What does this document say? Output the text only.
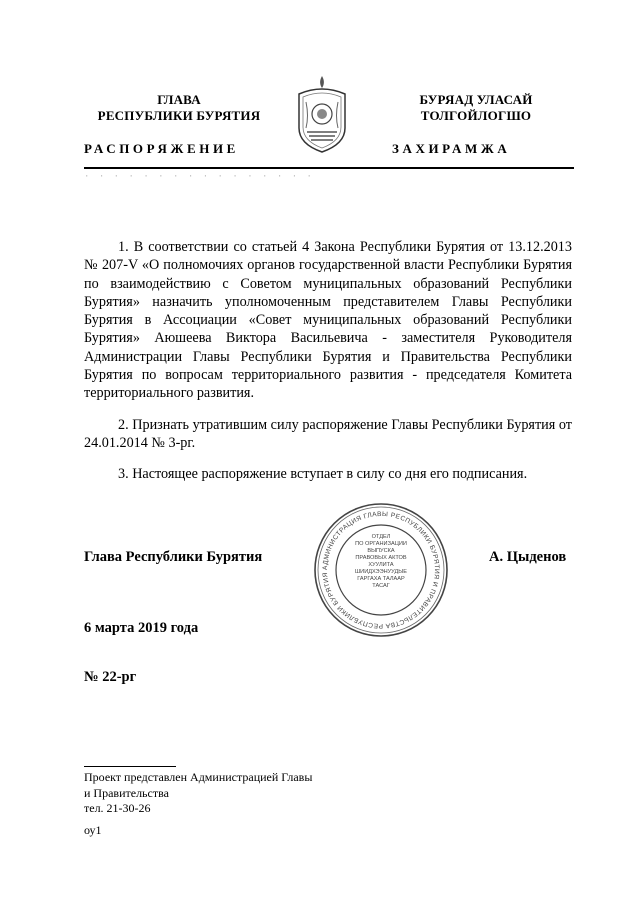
ГЛАВА
РЕСПУБЛИКИ БУРЯТИЯ
БУРЯАД УЛАСАЙ
ТОЛГОЙЛОГШО
РАСПОРЯЖЕНИЕ	ЗАХИРАМЖА
· · · · · · · · · · · · · · · ·

1. В соответствии со статьей 4 Закона Республики Бурятия от 13.12.2013 № 207-V «О полномочиях органов государственной власти Республики Бурятия по взаимодействию с Советом муниципальных образований Республики Бурятия» назначить уполномоченным представителем Главы Республики Бурятия в Ассоциации «Совет муниципальных образований Республики Бурятия» Аюшеева Виктора Васильевича - заместителя Руководителя Администрации Главы Республики Бурятия и Правительства Республики Бурятия по вопросам территориального развития - председателя Комитета территориального развития.

2. Признать утратившим силу распоряжение Главы Республики Бурятия от 24.01.2014 № 3-рг.

3. Настоящее распоряжение вступает в силу со дня его подписания.

Глава Республики Бурятия	А. Цыденов
АДМИНИСТРАЦИЯ ГЛАВЫ РЕСПУБЛИКИ БУРЯТИЯ И ПРАВИТЕЛЬСТВА РЕСПУБЛИКИ БУРЯТИЯ
ОТДЕЛ
ПО ОРГАНИЗАЦИИ
ВЫПУСКА
ПРАВОВЫХ АКТОВ
ХУУЛИТА
ШИИДХЭЭНУУДЫЕ
ГАРГАХА ТАЛААР
ТАСАГ
6 марта 2019 года
№ 22-рг
Проект представлен Администрацией Главы
и Правительства
тел. 21-30-26
оу1
